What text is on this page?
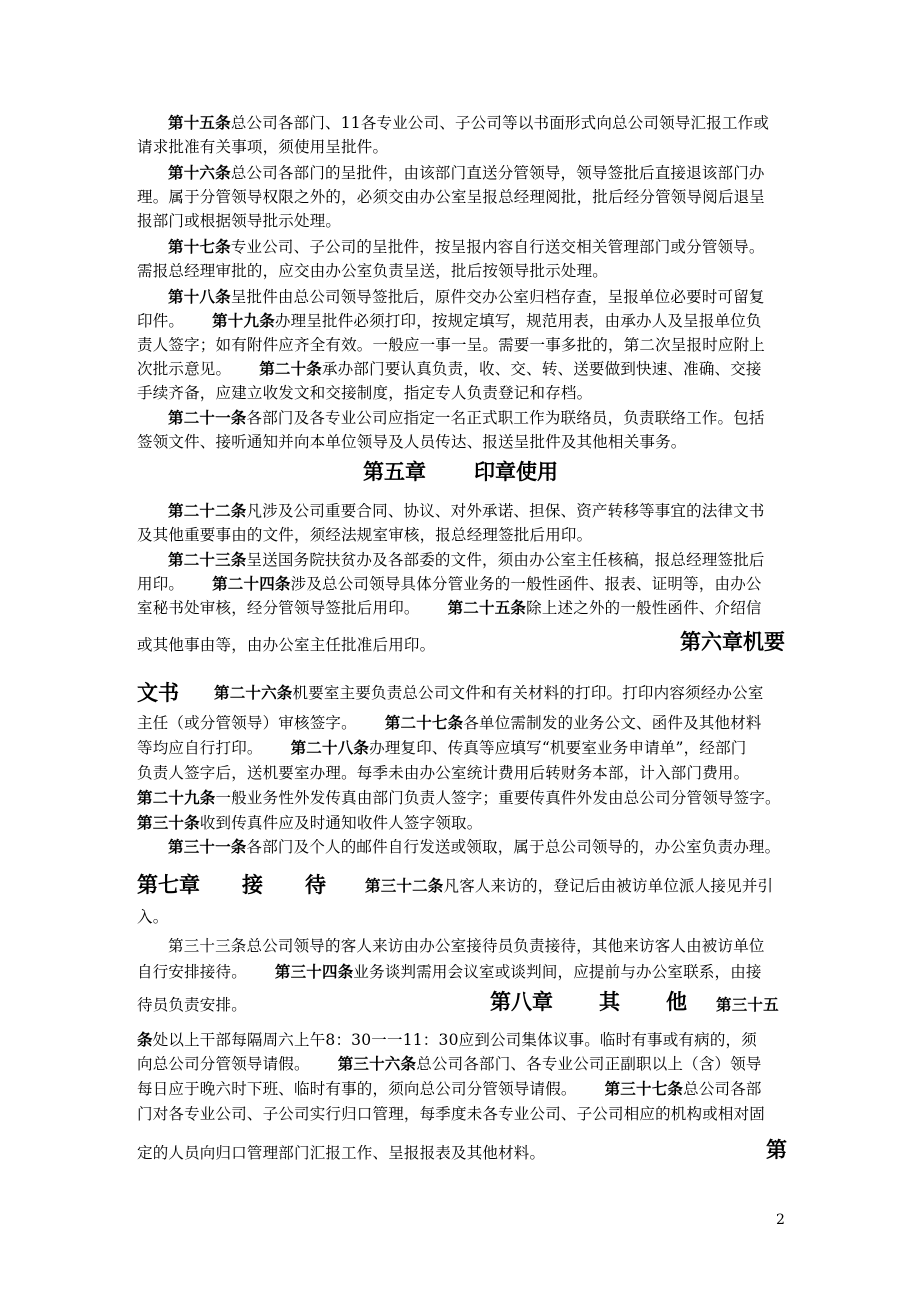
第十五条总公司各部门、11各专业公司、子公司等以书面形式向总公司领导汇报工作或
请求批准有关事项，须使用呈批件。
第十六条总公司各部门的呈批件，由该部门直送分管领导，领导签批后直接退该部门办
理。属于分管领导权限之外的，必须交由办公室呈报总经理阅批，批后经分管领导阅后退呈
报部门或根据领导批示处理。
第十七条专业公司、子公司的呈批件，按呈报内容自行送交相关管理部门或分管领导。
需报总经理审批的，应交由办公室负责呈送，批后按领导批示处理。
第十八条呈批件由总公司领导签批后，原件交办公室归档存查，呈报单位必要时可留复
印件。 第十九条办理呈批件必须打印，按规定填写，规范用表，由承办人及呈报单位负
责人签字；如有附件应齐全有效。一般应一事一呈。需要一事多批的，第二次呈报时应附上
次批示意见。 第二十条承办部门要认真负责，收、交、转、送要做到快速、准确、交接
手续齐备，应建立收发文和交接制度，指定专人负责登记和存档。
第二十一条各部门及各专业公司应指定一名正式职工作为联络员，负责联络工作。包括
签领文件、接听通知并向本单位领导及人员传达、报送呈批件及其他相关事务。
第五章 印章使用
第二十二条凡涉及公司重要合同、协议、对外承诺、担保、资产转移等事宜的法律文书
及其他重要事由的文件，须经法规室审核，报总经理签批后用印。
第二十三条呈送国务院扶贫办及各部委的文件，须由办公室主任核稿，报总经理签批后
用印。 第二十四条涉及总公司领导具体分管业务的一般性函件、报表、证明等，由办公
室秘书处审核，经分管领导签批后用印。 第二十五条除上述之外的一般性函件、介绍信
或其他事由等，由办公室主任批准后用印。	第六章机要
文书 第二十六条机要室主要负责总公司文件和有关材料的打印。打印内容须经办公室
主任（或分管领导）审核签字。 第二十七条各单位需制发的业务公文、函件及其他材料
等均应自行打印。 第二十八条办理复印、传真等应填写“机要室业务申请单”，经部门
负责人签字后，送机要室办理。每季未由办公室统计费用后转财务本部，计入部门费用。
第二十九条一般业务性外发传真由部门负责人签字；重要传真件外发由总公司分管领导签字。
第三十条收到传真件应及时通知收件人签字领取。
第三十一条各部门及个人的邮件自行发送或领取，属于总公司领导的，办公室负责办理。
第七章 接 待	第三十二条凡客人来访的，登记后由被访单位派人接见并引
入。
第三十三条总公司领导的客人来访由办公室接待员负责接待，其他来访客人由被访单位
自行安排接待。 第三十四条业务谈判需用会议室或谈判间，应提前与办公室联系，由接
待员负责安排。	第八章 其 他 第三十五
条处以上干部每隔周六上午8：30一一11：30应到公司集体议事。临时有事或有病的，须
向总公司分管领导请假。 第三十六条总公司各部门、各专业公司正副职以上（含）领导
每日应于晚六时下班、临时有事的，须向总公司分管领导请假。 第三十七条总公司各部
门对各专业公司、子公司实行归口管理，每季度未各专业公司、子公司相应的机构或相对固
定的人员向归口管理部门汇报工作、呈报报表及其他材料。	第
2
